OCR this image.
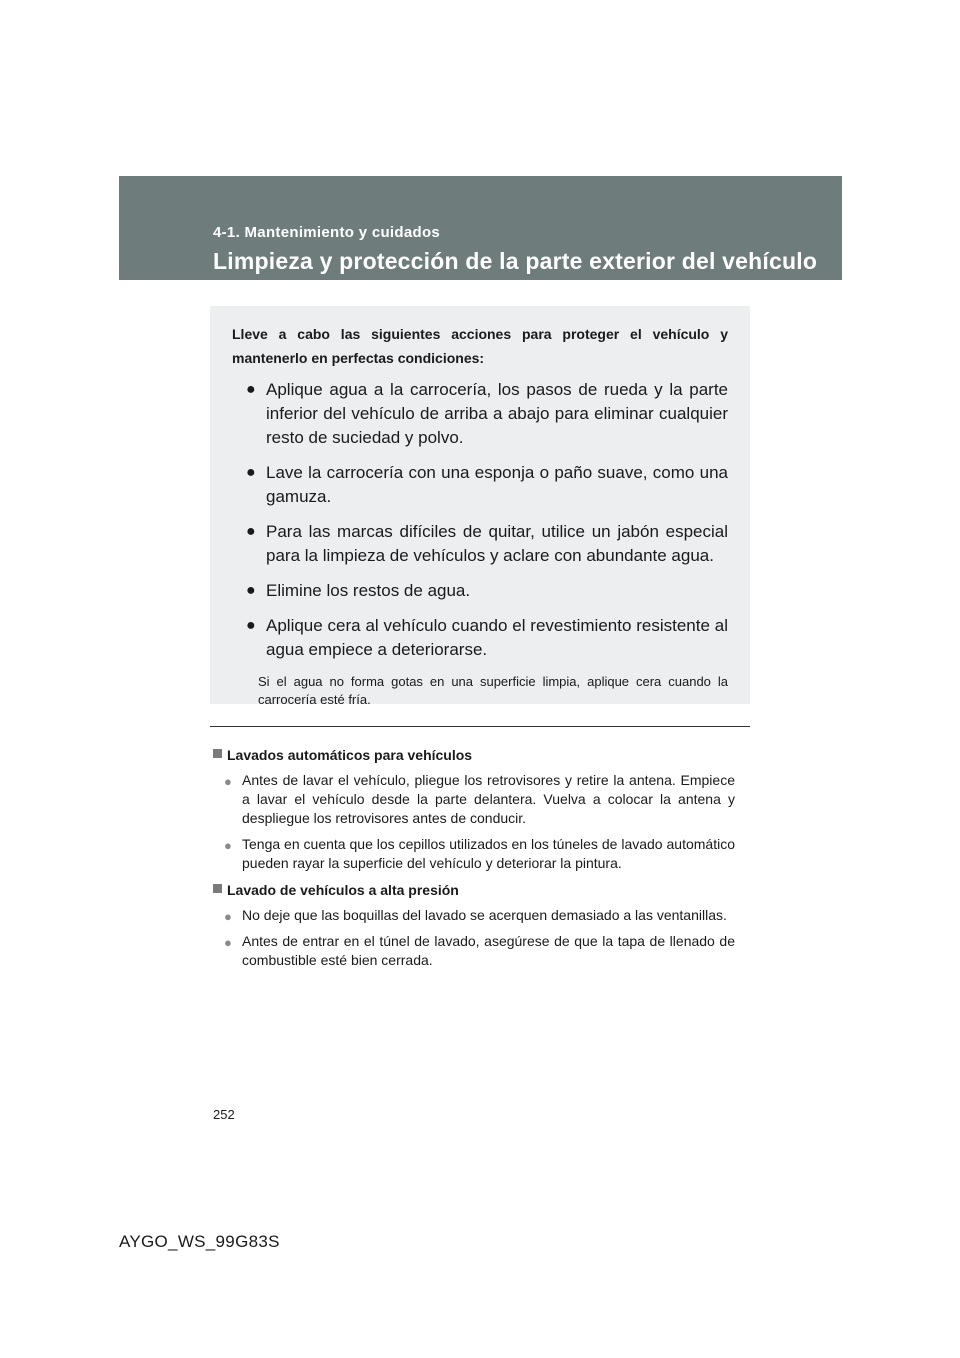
4-1. Mantenimiento y cuidados
Limpieza y protección de la parte exterior del vehículo

Lleve a cabo las siguientes acciones para proteger el vehículo y
mantenerlo en perfectas condiciones:

● Aplique agua a la carrocería, los pasos de rueda y la parte inferior del vehículo de arriba a abajo para eliminar cualquier resto de suciedad y polvo.
● Lave la carrocería con una esponja o paño suave, como una gamuza.
● Para las marcas difíciles de quitar, utilice un jabón especial para la limpieza de vehículos y aclare con abundante agua.
● Elimine los restos de agua.
● Aplique cera al vehículo cuando el revestimiento resistente al agua empiece a deteriorarse.
Si el agua no forma gotas en una superficie limpia, aplique cera cuando la carrocería esté fría.
Lavados automáticos para vehículos
● Antes de lavar el vehículo, pliegue los retrovisores y retire la antena. Empiece a lavar el vehículo desde la parte delantera. Vuelva a colocar la antena y despliegue los retrovisores antes de conducir.
● Tenga en cuenta que los cepillos utilizados en los túneles de lavado automático pueden rayar la superficie del vehículo y deteriorar la pintura.
Lavado de vehículos a alta presión
● No deje que las boquillas del lavado se acerquen demasiado a las ventanillas.
● Antes de entrar en el túnel de lavado, asegúrese de que la tapa de llenado de combustible esté bien cerrada.
252
AYGO_WS_99G83S
